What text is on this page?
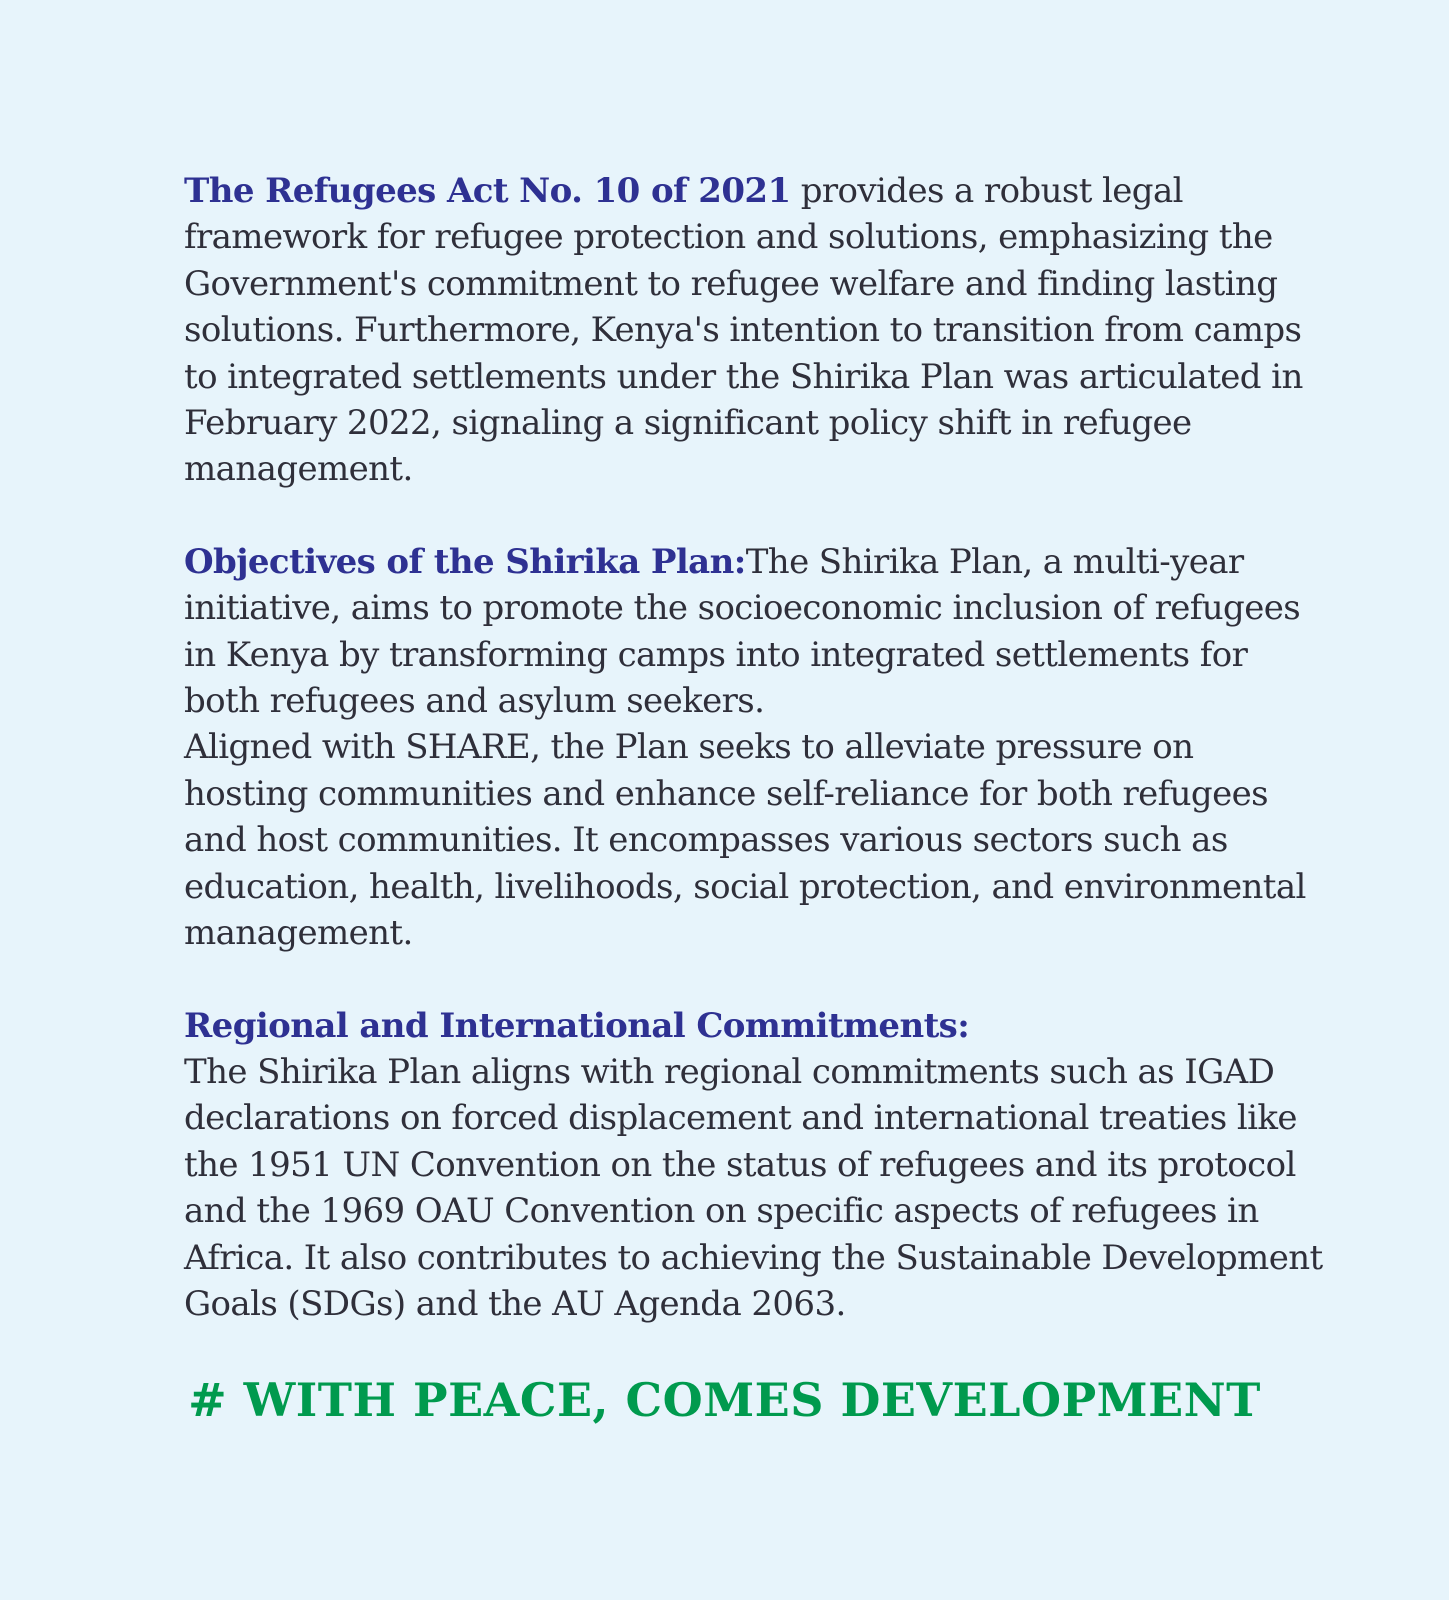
The Refugees Act No. 10 of 2021 provides a robust legal framework for refugee protection and solutions, emphasizing the Government's commitment to refugee welfare and finding lasting solutions. Furthermore, Kenya's intention to transition from camps to integrated settlements under the Shirika Plan was articulated in February 2022, signaling a significant policy shift in refugee management.

Objectives of the Shirika Plan:The Shirika Plan, a multi-year initiative, aims to promote the socioeconomic inclusion of refugees in Kenya by transforming camps into integrated settlements for both refugees and asylum seekers.

Aligned with SHARE, the Plan seeks to alleviate pressure on hosting communities and enhance self-reliance for both refugees and host communities. It encompasses various sectors such as education, health, livelihoods, social protection, and environmental management.

Regional and International Commitments:
The Shirika Plan aligns with regional commitments such as IGAD declarations on forced displacement and international treaties like the 1951 UN Convention on the status of refugees and its protocol and the 1969 OAU Convention on specific aspects of refugees in Africa. It also contributes to achieving the Sustainable Development Goals (SDGs) and the AU Agenda 2063.

# WITH PEACE, COMES DEVELOPMENT
